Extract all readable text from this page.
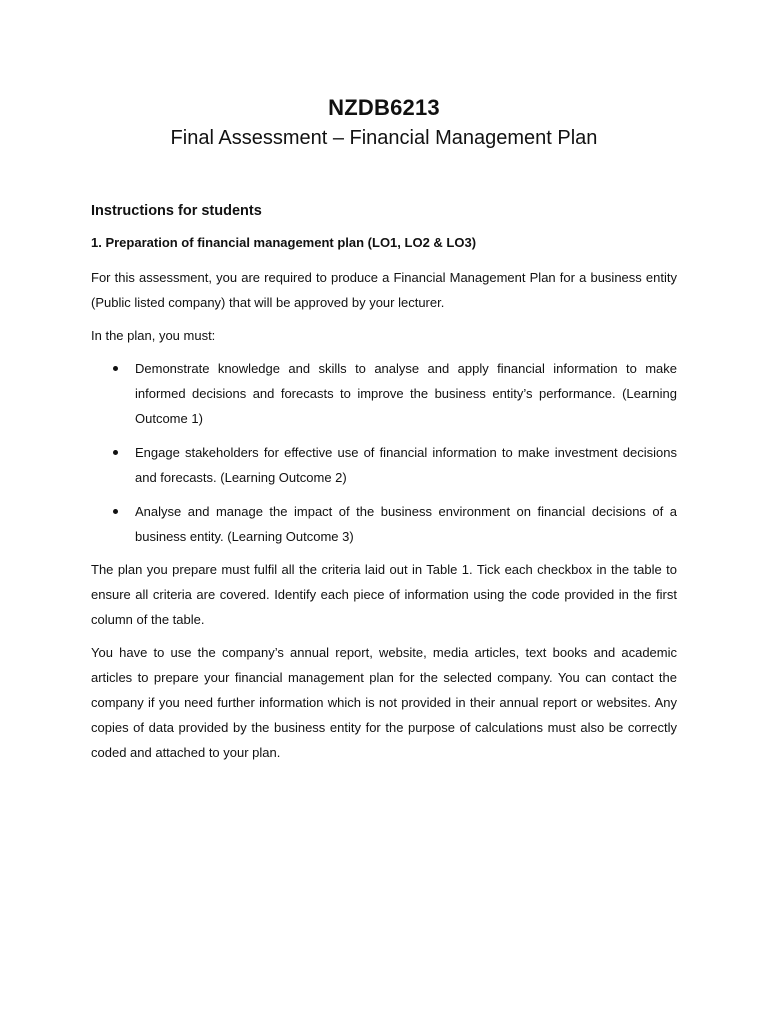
NZDB6213
Final Assessment – Financial Management Plan
Instructions for students
1. Preparation of financial management plan (LO1, LO2 & LO3)

For this assessment, you are required to produce a Financial Management Plan for a business entity (Public listed company) that will be approved by your lecturer.

In the plan, you must:

Demonstrate knowledge and skills to analyse and apply financial information to make informed decisions and forecasts to improve the business entity’s performance. (Learning Outcome 1)

Engage stakeholders for effective use of financial information to make investment decisions and forecasts. (Learning Outcome 2)

Analyse and manage the impact of the business environment on financial decisions of a business entity. (Learning Outcome 3)

The plan you prepare must fulfil all the criteria laid out in Table 1. Tick each checkbox in the table to ensure all criteria are covered. Identify each piece of information using the code provided in the first column of the table.

You have to use the company’s annual report, website, media articles, text books and academic articles to prepare your financial management plan for the selected company. You can contact the company if you need further information which is not provided in their annual report or websites. Any copies of data provided by the business entity for the purpose of calculations must also be correctly coded and attached to your plan.
